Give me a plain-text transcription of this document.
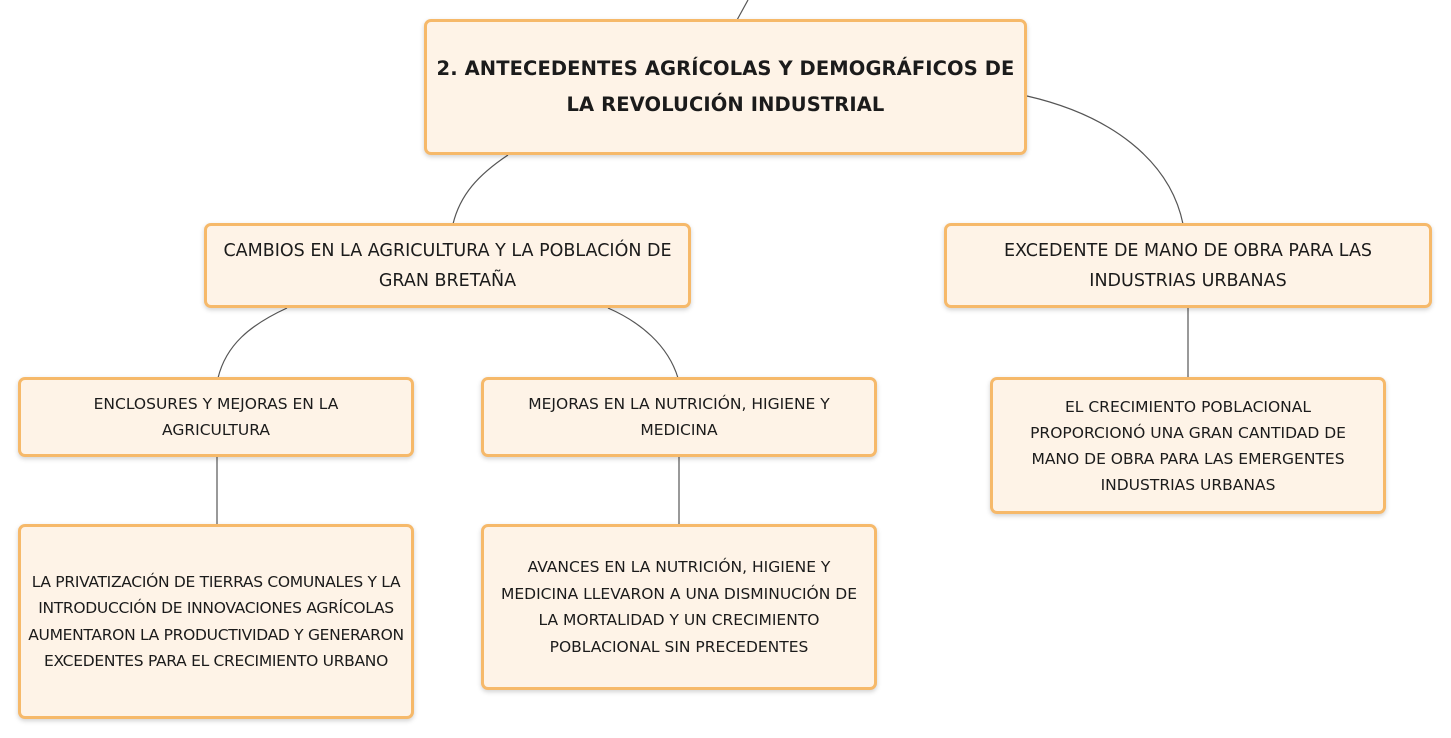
2. ANTECEDENTES AGRÍCOLAS Y DEMOGRÁFICOS DE LA REVOLUCIÓN INDUSTRIAL
CAMBIOS EN LA AGRICULTURA Y LA POBLACIÓN DE GRAN BRETAÑA
EXCEDENTE DE MANO DE OBRA PARA LAS INDUSTRIAS URBANAS
ENCLOSURES Y MEJORAS EN LA AGRICULTURA
MEJORAS EN LA NUTRICIÓN, HIGIENE Y MEDICINA
EL CRECIMIENTO POBLACIONAL PROPORCIONÓ UNA GRAN CANTIDAD DE MANO DE OBRA PARA LAS EMERGENTES INDUSTRIAS URBANAS
LA PRIVATIZACIÓN DE TIERRAS COMUNALES Y LA INTRODUCCIÓN DE INNOVACIONES AGRÍCOLAS AUMENTARON LA PRODUCTIVIDAD Y GENERARON EXCEDENTES PARA EL CRECIMIENTO URBANO
AVANCES EN LA NUTRICIÓN, HIGIENE Y MEDICINA LLEVARON A UNA DISMINUCIÓN DE LA MORTALIDAD Y UN CRECIMIENTO POBLACIONAL SIN PRECEDENTES
